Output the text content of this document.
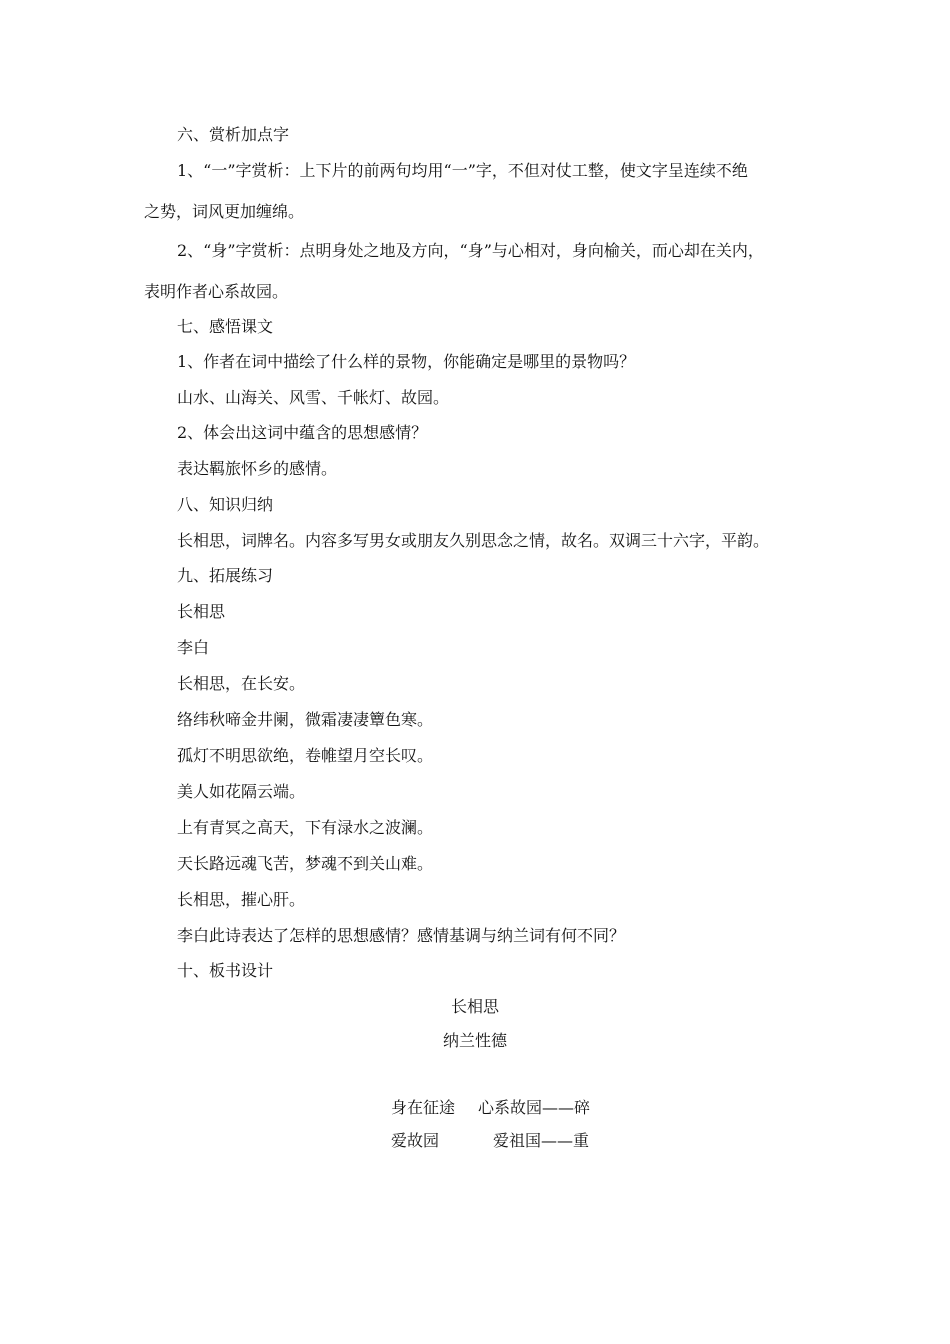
六、赏析加点字

1、“一”字赏析：上下片的前两句均用“一”字，不但对仗工整，使文字呈连续不绝

之势，词风更加缠绵。

2、“身”字赏析：点明身处之地及方向，“身”与心相对，身向榆关，而心却在关内，

表明作者心系故园。

七、感悟课文

1、作者在词中描绘了什么样的景物，你能确定是哪里的景物吗？

山水、山海关、风雪、千帐灯、故园。

2、体会出这词中蕴含的思想感情？

表达羁旅怀乡的感情。

八、知识归纳

长相思，词牌名。内容多写男女或朋友久别思念之情，故名。双调三十六字，平韵。

九、拓展练习

长相思

李白

长相思，在长安。

络纬秋啼金井阑，微霜凄凄簟色寒。

孤灯不明思欲绝，卷帷望月空长叹。

美人如花隔云端。

上有青冥之高天，下有渌水之波澜。

天长路远魂飞苦，梦魂不到关山难。

长相思，摧心肝。

李白此诗表达了怎样的思想感情？感情基调与纳兰词有何不同？

十、板书设计

长相思

纳兰性德

身在征途 心系故园——碎

爱故园	爱祖国——重
